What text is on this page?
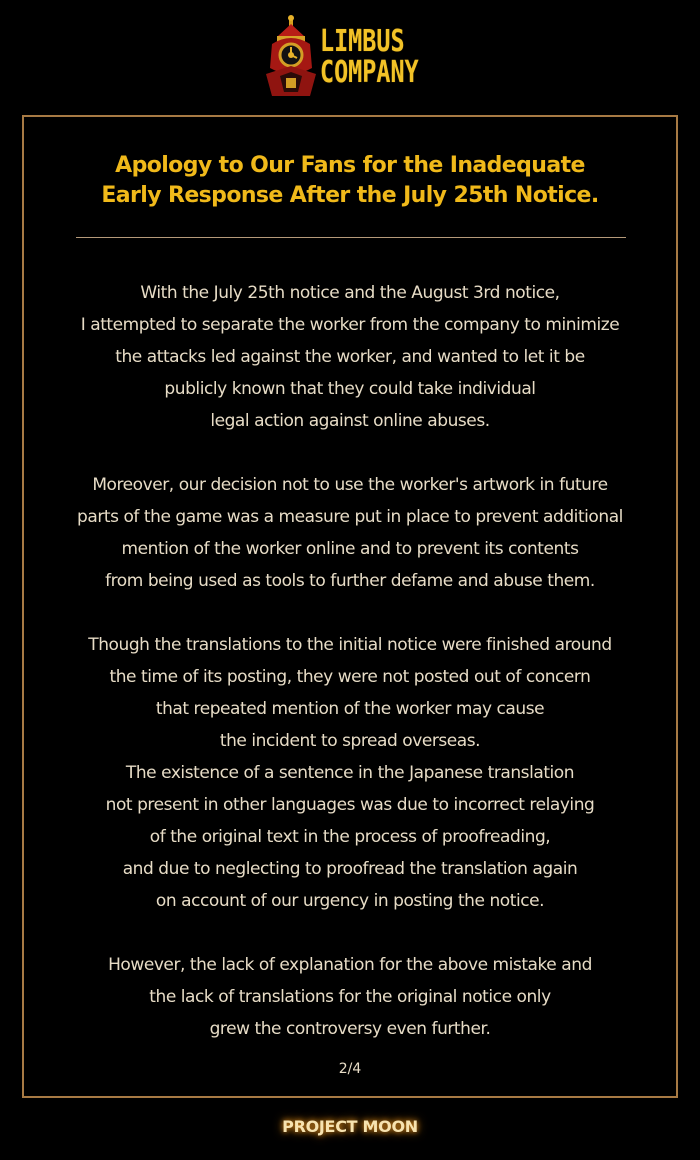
LIMBUS
COMPANY
Apology to Our Fans for the Inadequate
Early Response After the July 25th Notice.
With the July 25th notice and the August 3rd notice,
I attempted to separate the worker from the company to minimize
the attacks led against the worker, and wanted to let it be
publicly known that they could take individual
legal action against online abuses.
Moreover, our decision not to use the worker's artwork in future
parts of the game was a measure put in place to prevent additional
mention of the worker online and to prevent its contents
from being used as tools to further defame and abuse them.
Though the translations to the initial notice were finished around
the time of its posting, they were not posted out of concern
that repeated mention of the worker may cause
the incident to spread overseas.
The existence of a sentence in the Japanese translation
not present in other languages was due to incorrect relaying
of the original text in the process of proofreading,
and due to neglecting to proofread the translation again
on account of our urgency in posting the notice.
However, the lack of explanation for the above mistake and
the lack of translations for the original notice only
grew the controversy even further.
2/4
PROJECT MOON
